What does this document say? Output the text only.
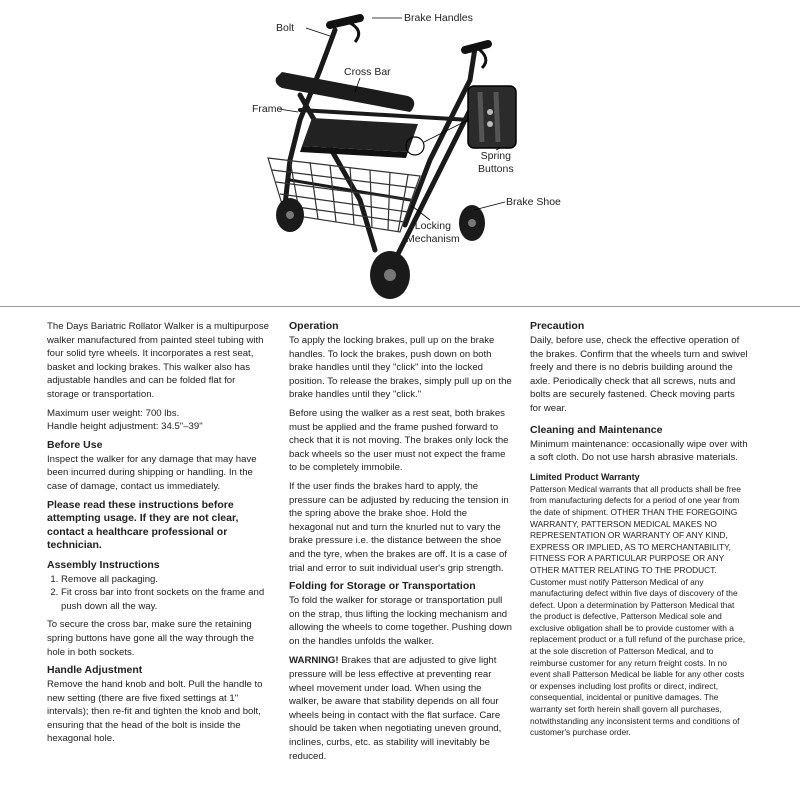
Bolt
Brake Handles
Cross Bar
Frame
Spring
Buttons
Brake Shoe
Locking
Mechanism

The Days Bariatric Rollator Walker is a multipurpose walker manufactured from painted steel tubing with four solid tyre wheels. It incorporates a rest seat, basket and locking brakes. This walker also has adjustable handles and can be folded flat for storage or transportation.

Maximum user weight: 700 lbs.

Handle height adjustment: 34.5"–39"

Before Use

Inspect the walker for any damage that may have been incurred during shipping or handling. In the case of damage, contact us immediately.

Please read these instructions before attempting usage. If they are not clear, contact a healthcare professional or technician.

Assembly Instructions
1. Remove all packaging.
2. Fit cross bar into front sockets on the frame and push down all the way.

To secure the cross bar, make sure the retaining spring buttons have gone all the way through the hole in both sockets.

Handle Adjustment

Remove the hand knob and bolt. Pull the handle to new setting (there are five fixed settings at 1" intervals); then re-fit and tighten the knob and bolt, ensuring that the head of the bolt is inside the hexagonal hole.

Operation

To apply the locking brakes, pull up on the brake handles. To lock the brakes, push down on both brake handles until they "click" into the locked position. To release the brakes, simply pull up on the brake handles until they "click."

Before using the walker as a rest seat, both brakes must be applied and the frame pushed forward to check that it is not moving. The brakes only lock the back wheels so the user must not expect the frame to be completely immobile.

If the user finds the brakes hard to apply, the pressure can be adjusted by reducing the tension in the spring above the brake shoe. Hold the hexagonal nut and turn the knurled nut to vary the brake pressure i.e. the distance between the shoe and the tyre, when the brakes are off. It is a case of trial and error to suit individual user's grip strength.

Folding for Storage or Transportation

To fold the walker for storage or transportation pull on the strap, thus lifting the locking mechanism and allowing the wheels to come together. Pushing down on the handles unfolds the walker.

WARNING! Brakes that are adjusted to give light pressure will be less effective at preventing rear wheel movement under load. When using the walker, be aware that stability depends on all four wheels being in contact with the flat surface. Care should be taken when negotiating uneven ground, inclines, curbs, etc. as stability will inevitably be reduced.

Precaution

Daily, before use, check the effective operation of the brakes. Confirm that the wheels turn and swivel freely and there is no debris building around the axle. Periodically check that all screws, nuts and bolts are securely fastened. Check moving parts for wear.

Cleaning and Maintenance

Minimum maintenance: occasionally wipe over with a soft cloth. Do not use harsh abrasive materials.

Limited Product Warranty

Patterson Medical warrants that all products shall be free from manufacturing defects for a period of one year from the date of shipment. OTHER THAN THE FOREGOING WARRANTY, PATTERSON MEDICAL MAKES NO REPRESENTATION OR WARRANTY OF ANY KIND, EXPRESS OR IMPLIED, AS TO MERCHANTABILITY, FITNESS FOR A PARTICULAR PURPOSE OR ANY OTHER MATTER RELATING TO THE PRODUCT. Customer must notify Patterson Medical of any manufacturing defect within five days of discovery of the defect. Upon a determination by Patterson Medical that the product is defective, Patterson Medical sole and exclusive obligation shall be to provide customer with a replacement product or a full refund of the purchase price, at the sole discretion of Patterson Medical, and to reimburse customer for any return freight costs. In no event shall Patterson Medical be liable for any other costs or expenses including lost profits or direct, indirect, consequential, incidental or punitive damages. The warranty set forth herein shall govern all purchases, notwithstanding any inconsistent terms and conditions of customer's purchase order.
